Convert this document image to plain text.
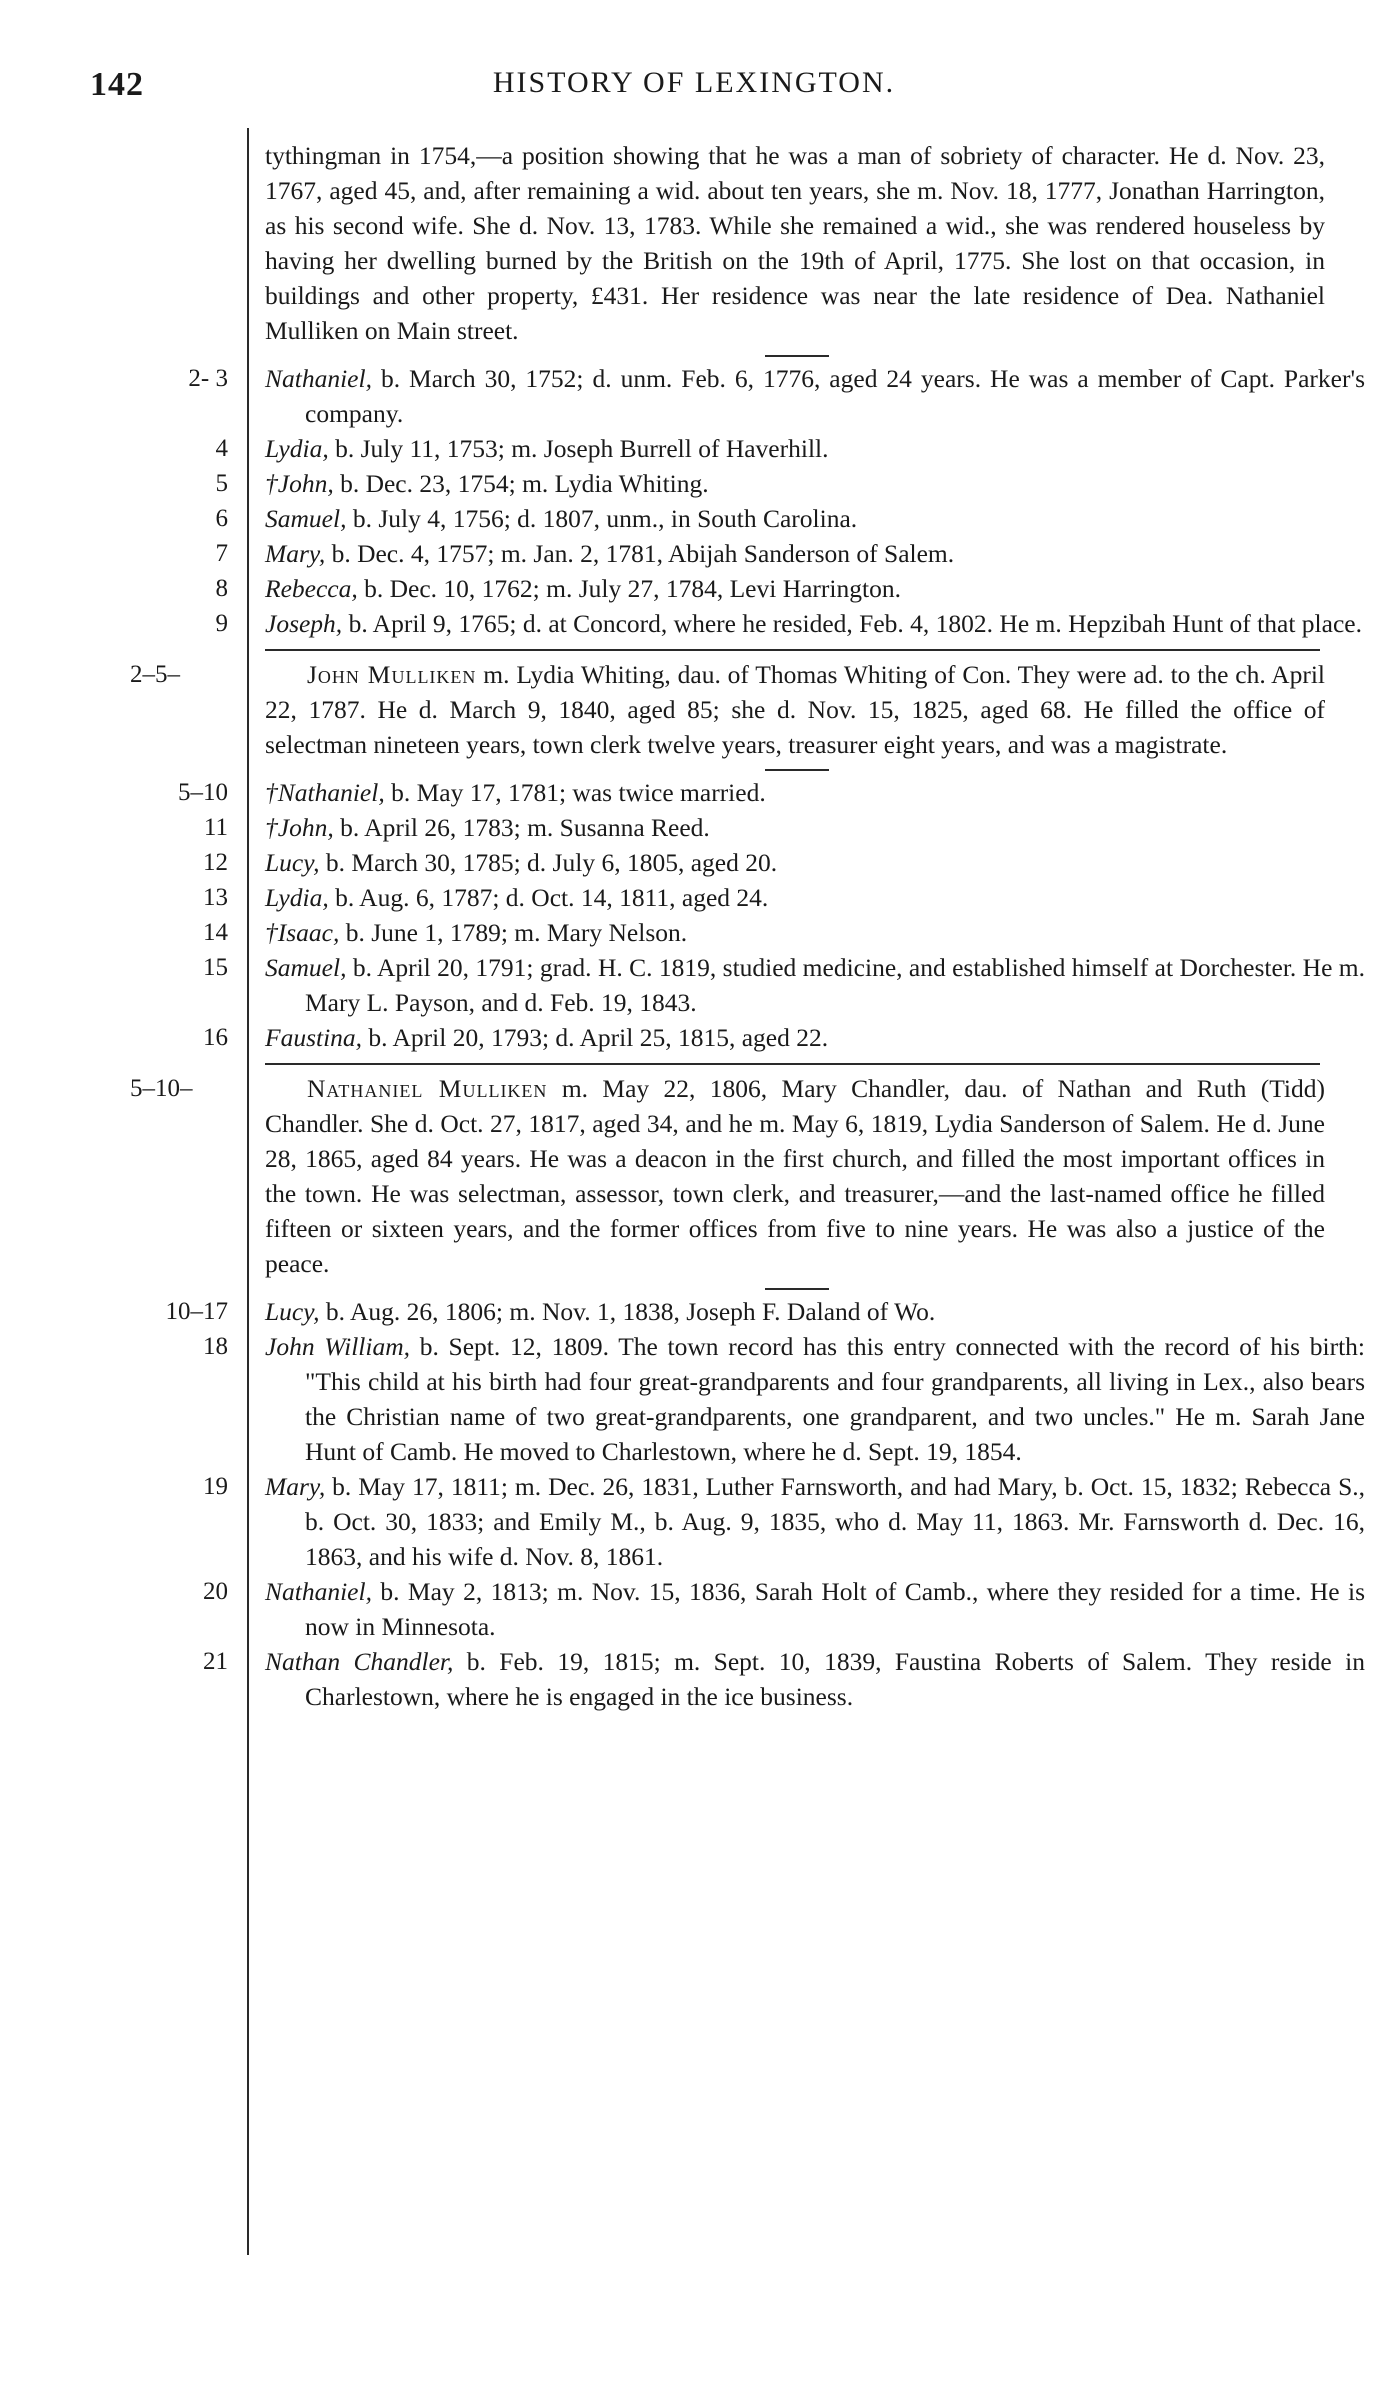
142	HISTORY OF LEXINGTON.
tythingman in 1754,—a position showing that he was a man of sobriety of character. He d. Nov. 23, 1767, aged 45, and, after remaining a wid. about ten years, she m. Nov. 18, 1777, Jonathan Harrington, as his second wife. She d. Nov. 13, 1783. While she remained a wid., she was rendered houseless by having her dwelling burned by the British on the 19th of April, 1775. She lost on that occasion, in buildings and other property, £431. Her residence was near the late residence of Dea. Nathaniel Mulliken on Main street.
2- 3 Nathaniel, b. March 30, 1752; d. unm. Feb. 6, 1776, aged 24 years. He was a member of Capt. Parker's company.
4 Lydia, b. July 11, 1753; m. Joseph Burrell of Haverhill.
5 †John, b. Dec. 23, 1754; m. Lydia Whiting.
6 Samuel, b. July 4, 1756; d. 1807, unm., in South Carolina.
7 Mary, b. Dec. 4, 1757; m. Jan. 2, 1781, Abijah Sanderson of Salem.
8 Rebecca, b. Dec. 10, 1762; m. July 27, 1784, Levi Harrington.
9 Joseph, b. April 9, 1765; d. at Concord, where he resided, Feb. 4, 1802. He m. Hepzibah Hunt of that place.
2–5–	John Mulliken m. Lydia Whiting, dau. of Thomas Whiting of Con. They were ad. to the ch. April 22, 1787. He d. March 9, 1840, aged 85; she d. Nov. 15, 1825, aged 68. He filled the office of selectman nineteen years, town clerk twelve years, treasurer eight years, and was a magistrate.
5–10 †Nathaniel, b. May 17, 1781; was twice married.
11 †John, b. April 26, 1783; m. Susanna Reed.
12 Lucy, b. March 30, 1785; d. July 6, 1805, aged 20.
13 Lydia, b. Aug. 6, 1787; d. Oct. 14, 1811, aged 24.
14 †Isaac, b. June 1, 1789; m. Mary Nelson.
15 Samuel, b. April 20, 1791; grad. H. C. 1819, studied medicine, and established himself at Dorchester. He m. Mary L. Payson, and d. Feb. 19, 1843.
16 Faustina, b. April 20, 1793; d. April 25, 1815, aged 22.
5–10–	Nathaniel Mulliken m. May 22, 1806, Mary Chandler, dau. of Nathan and Ruth (Tidd) Chandler. She d. Oct. 27, 1817, aged 34, and he m. May 6, 1819, Lydia Sanderson of Salem. He d. June 28, 1865, aged 84 years. He was a deacon in the first church, and filled the most important offices in the town. He was selectman, assessor, town clerk, and treasurer,—and the last-named office he filled fifteen or sixteen years, and the former offices from five to nine years. He was also a justice of the peace.
10–17 Lucy, b. Aug. 26, 1806; m. Nov. 1, 1838, Joseph F. Daland of Wo.
18 John William, b. Sept. 12, 1809. The town record has this entry connected with the record of his birth: "This child at his birth had four great-grandparents and four grandparents, all living in Lex., also bears the Christian name of two great-grandparents, one grandparent, and two uncles." He m. Sarah Jane Hunt of Camb. He moved to Charlestown, where he d. Sept. 19, 1854.
19 Mary, b. May 17, 1811; m. Dec. 26, 1831, Luther Farnsworth, and had Mary, b. Oct. 15, 1832; Rebecca S., b. Oct. 30, 1833; and Emily M., b. Aug. 9, 1835, who d. May 11, 1863. Mr. Farnsworth d. Dec. 16, 1863, and his wife d. Nov. 8, 1861.
20 Nathaniel, b. May 2, 1813; m. Nov. 15, 1836, Sarah Holt of Camb., where they resided for a time. He is now in Minnesota.
21 Nathan Chandler, b. Feb. 19, 1815; m. Sept. 10, 1839, Faustina Roberts of Salem. They reside in Charlestown, where he is engaged in the ice business.
